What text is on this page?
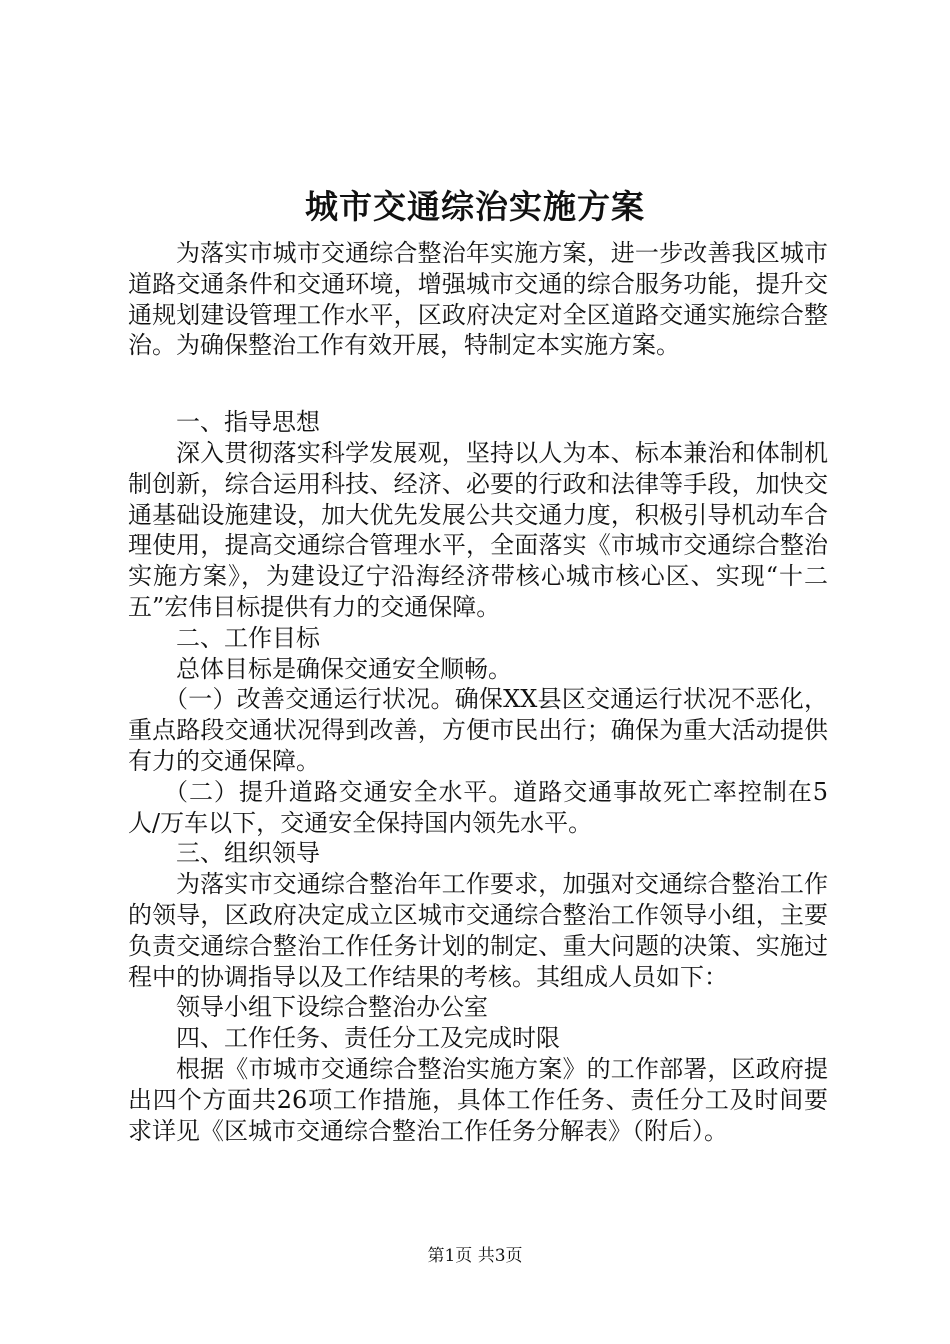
城市交通综治实施方案

为落实市城市交通综合整治年实施方案，进一步改善我区城市道路交通条件和交通环境，增强城市交通的综合服务功能，提升交通规划建设管理工作水平，区政府决定对全区道路交通实施综合整治。为确保整治工作有效开展，特制定本实施方案。

一、指导思想

深入贯彻落实科学发展观，坚持以人为本、标本兼治和体制机制创新，综合运用科技、经济、必要的行政和法律等手段，加快交通基础设施建设，加大优先发展公共交通力度，积极引导机动车合理使用，提高交通综合管理水平，全面落实《市城市交通综合整治实施方案》，为建设辽宁沿海经济带核心城市核心区、实现“十二五”宏伟目标提供有力的交通保障。

二、工作目标

总体目标是确保交通安全顺畅。

（一）改善交通运行状况。确保XX县区交通运行状况不恶化，重点路段交通状况得到改善，方便市民出行；确保为重大活动提供有力的交通保障。

（二）提升道路交通安全水平。道路交通事故死亡率控制在5人/万车以下，交通安全保持国内领先水平。

三、组织领导

为落实市交通综合整治年工作要求，加强对交通综合整治工作的领导，区政府决定成立区城市交通综合整治工作领导小组，主要负责交通综合整治工作任务计划的制定、重大问题的决策、实施过程中的协调指导以及工作结果的考核。其组成人员如下：

领导小组下设综合整治办公室

四、工作任务、责任分工及完成时限

根据《市城市交通综合整治实施方案》的工作部署，区政府提出四个方面共26项工作措施，具体工作任务、责任分工及时间要求详见《区城市交通综合整治工作任务分解表》（附后）。

第1页 共3页
